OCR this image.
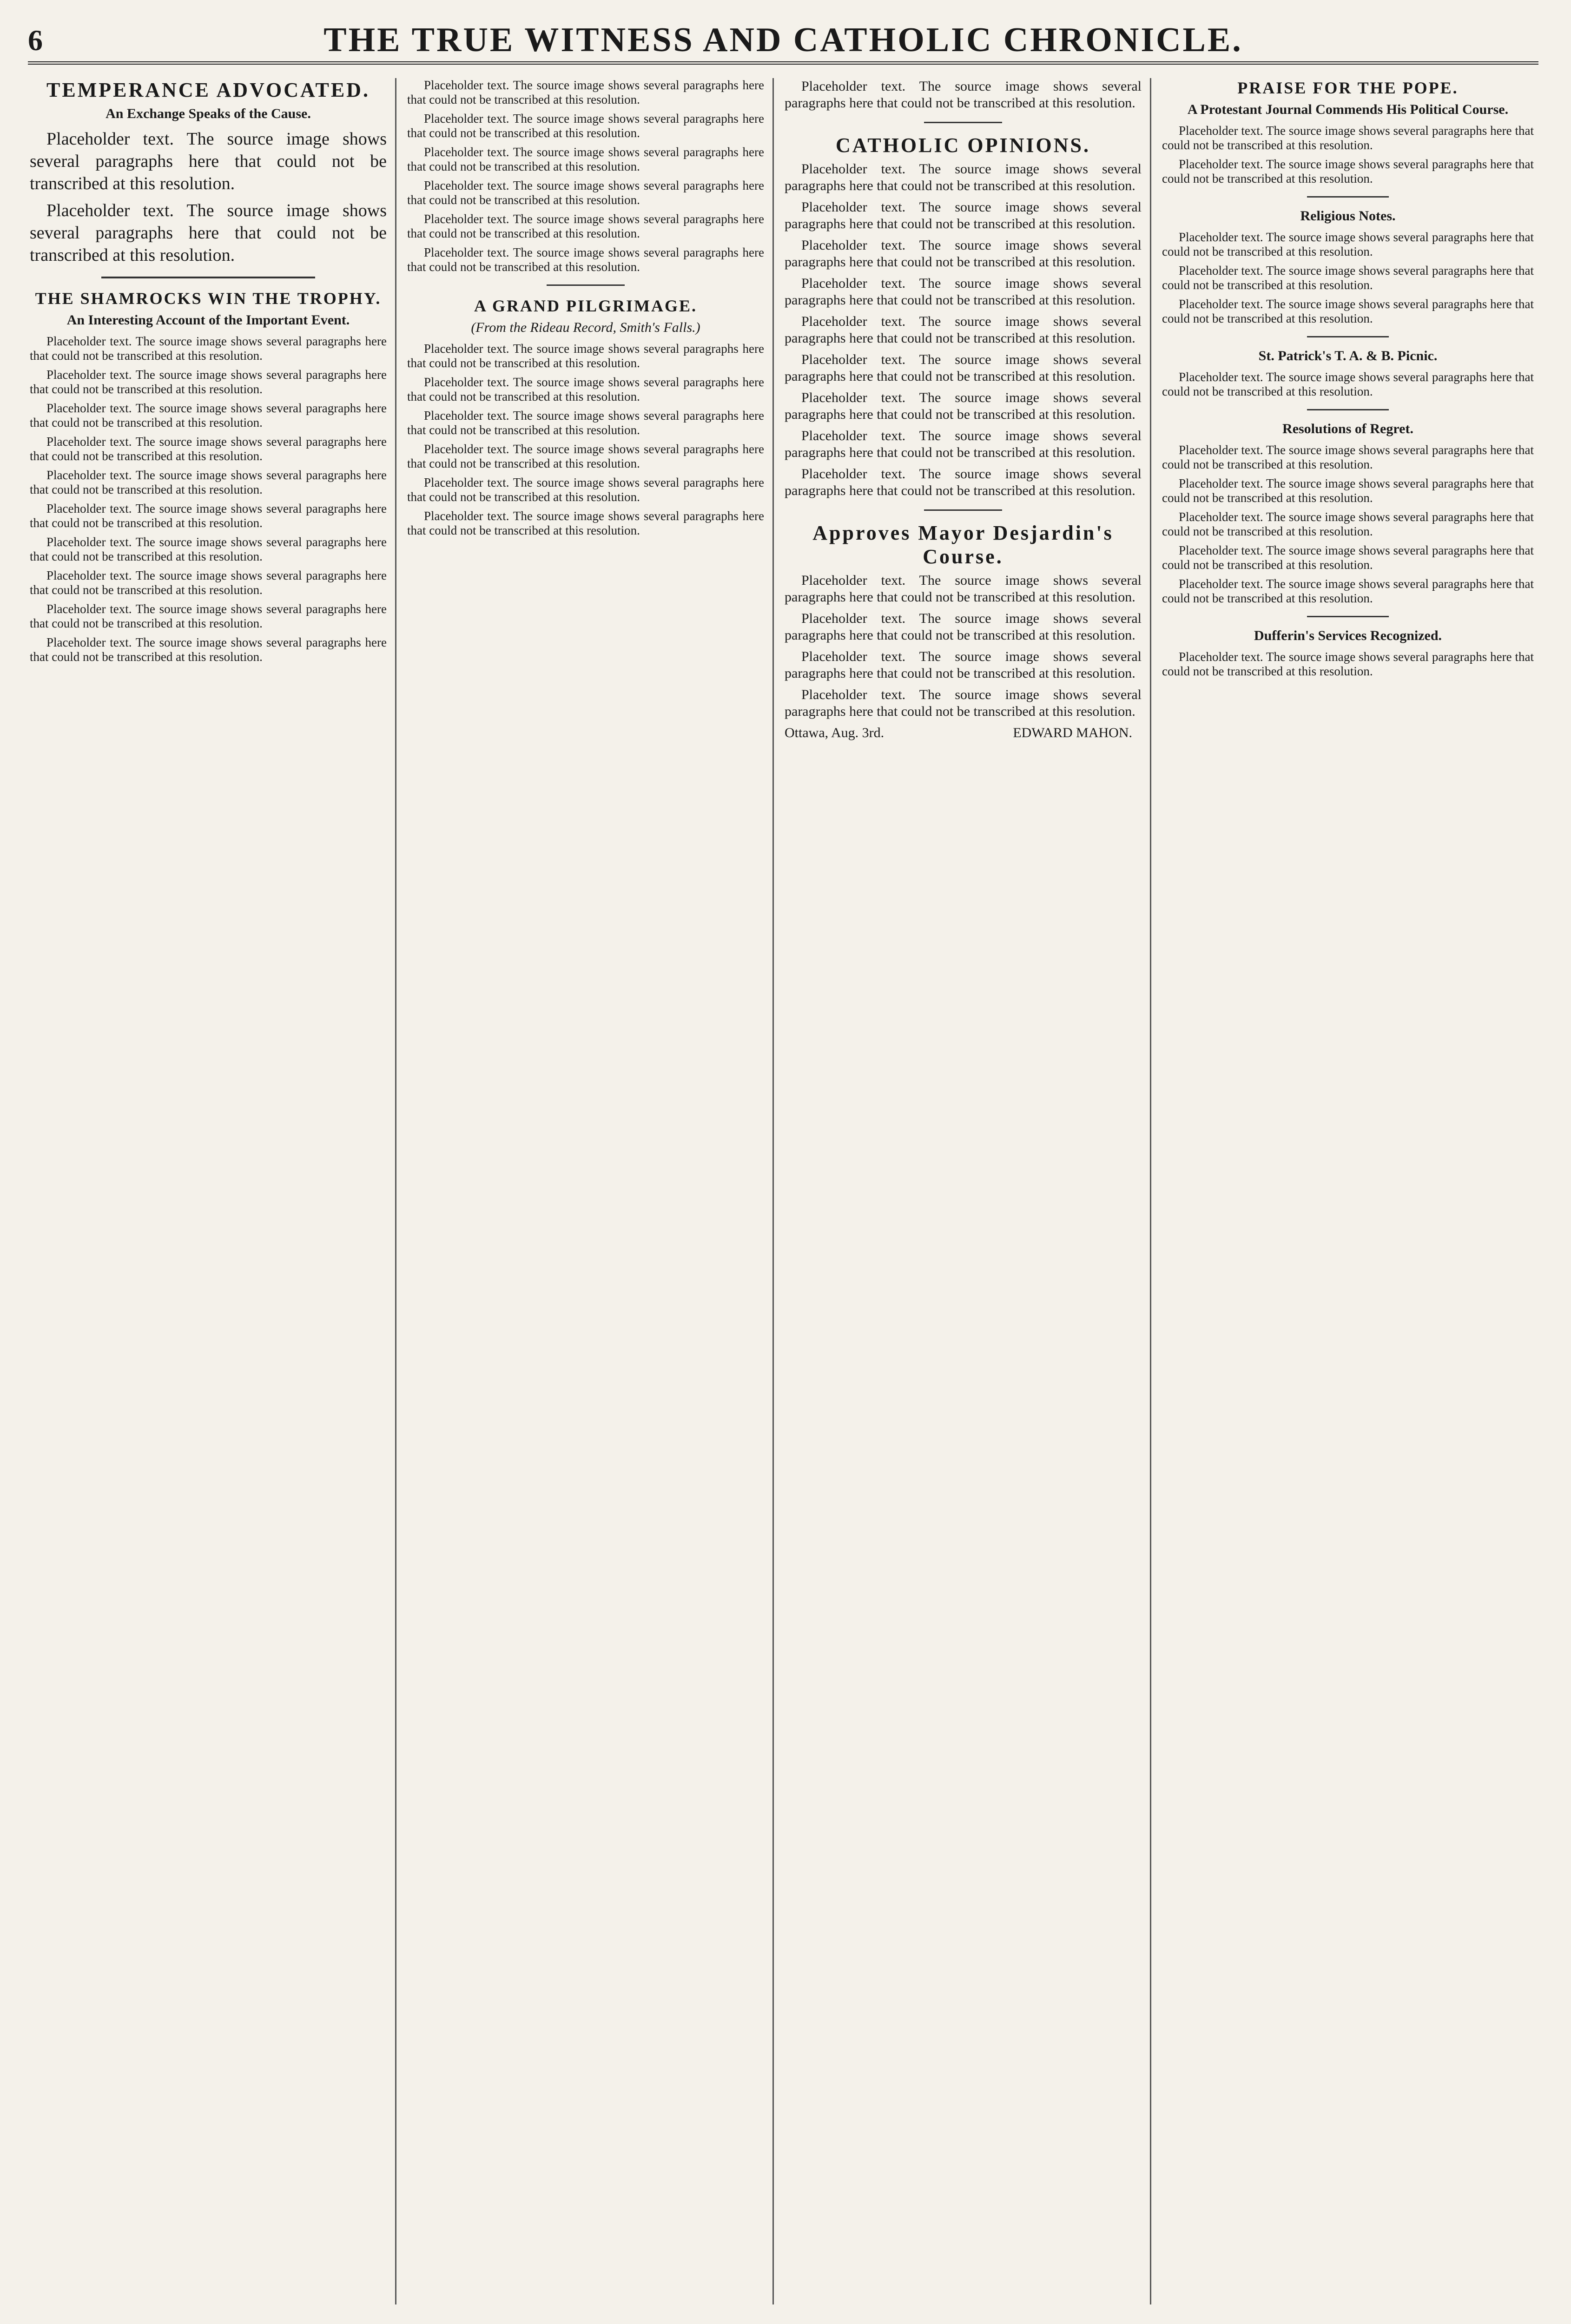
6	THE TRUE WITNESS AND CATHOLIC CHRONICLE.
TEMPERANCE ADVOCATED.
An Exchange Speaks of the Cause.

Placeholder text. The source image shows several paragraphs here that could not be transcribed at this resolution.

Placeholder text. The source image shows several paragraphs here that could not be transcribed at this resolution.

THE SHAMROCKS WIN THE TROPHY.
An Interesting Account of the Important Event.

Placeholder text. The source image shows several paragraphs here that could not be transcribed at this resolution.

Placeholder text. The source image shows several paragraphs here that could not be transcribed at this resolution.

Placeholder text. The source image shows several paragraphs here that could not be transcribed at this resolution.

Placeholder text. The source image shows several paragraphs here that could not be transcribed at this resolution.

Placeholder text. The source image shows several paragraphs here that could not be transcribed at this resolution.

Placeholder text. The source image shows several paragraphs here that could not be transcribed at this resolution.

Placeholder text. The source image shows several paragraphs here that could not be transcribed at this resolution.

Placeholder text. The source image shows several paragraphs here that could not be transcribed at this resolution.

Placeholder text. The source image shows several paragraphs here that could not be transcribed at this resolution.

Placeholder text. The source image shows several paragraphs here that could not be transcribed at this resolution.

Placeholder text. The source image shows several paragraphs here that could not be transcribed at this resolution.

Placeholder text. The source image shows several paragraphs here that could not be transcribed at this resolution.

Placeholder text. The source image shows several paragraphs here that could not be transcribed at this resolution.

Placeholder text. The source image shows several paragraphs here that could not be transcribed at this resolution.

Placeholder text. The source image shows several paragraphs here that could not be transcribed at this resolution.

Placeholder text. The source image shows several paragraphs here that could not be transcribed at this resolution.

A GRAND PILGRIMAGE.
(From the Rideau Record, Smith's Falls.)

Placeholder text. The source image shows several paragraphs here that could not be transcribed at this resolution.

Placeholder text. The source image shows several paragraphs here that could not be transcribed at this resolution.

Placeholder text. The source image shows several paragraphs here that could not be transcribed at this resolution.

Placeholder text. The source image shows several paragraphs here that could not be transcribed at this resolution.

Placeholder text. The source image shows several paragraphs here that could not be transcribed at this resolution.

Placeholder text. The source image shows several paragraphs here that could not be transcribed at this resolution.

Placeholder text. The source image shows several paragraphs here that could not be transcribed at this resolution.

CATHOLIC OPINIONS.

Placeholder text. The source image shows several paragraphs here that could not be transcribed at this resolution.

Placeholder text. The source image shows several paragraphs here that could not be transcribed at this resolution.

Placeholder text. The source image shows several paragraphs here that could not be transcribed at this resolution.

Placeholder text. The source image shows several paragraphs here that could not be transcribed at this resolution.

Placeholder text. The source image shows several paragraphs here that could not be transcribed at this resolution.

Placeholder text. The source image shows several paragraphs here that could not be transcribed at this resolution.

Placeholder text. The source image shows several paragraphs here that could not be transcribed at this resolution.

Placeholder text. The source image shows several paragraphs here that could not be transcribed at this resolution.

Placeholder text. The source image shows several paragraphs here that could not be transcribed at this resolution.

Approves Mayor Desjardin's Course.

Placeholder text. The source image shows several paragraphs here that could not be transcribed at this resolution.

Placeholder text. The source image shows several paragraphs here that could not be transcribed at this resolution.

Placeholder text. The source image shows several paragraphs here that could not be transcribed at this resolution.

Placeholder text. The source image shows several paragraphs here that could not be transcribed at this resolution.

Ottawa, Aug. 3rd.	EDWARD MAHON.

PRAISE FOR THE POPE.
A Protestant Journal Commends His Political Course.

Placeholder text. The source image shows several paragraphs here that could not be transcribed at this resolution.

Placeholder text. The source image shows several paragraphs here that could not be transcribed at this resolution.

Religious Notes.

Placeholder text. The source image shows several paragraphs here that could not be transcribed at this resolution.

Placeholder text. The source image shows several paragraphs here that could not be transcribed at this resolution.

Placeholder text. The source image shows several paragraphs here that could not be transcribed at this resolution.

St. Patrick's T. A. & B. Picnic.

Placeholder text. The source image shows several paragraphs here that could not be transcribed at this resolution.

Resolutions of Regret.

Placeholder text. The source image shows several paragraphs here that could not be transcribed at this resolution.

Placeholder text. The source image shows several paragraphs here that could not be transcribed at this resolution.

Placeholder text. The source image shows several paragraphs here that could not be transcribed at this resolution.

Placeholder text. The source image shows several paragraphs here that could not be transcribed at this resolution.

Placeholder text. The source image shows several paragraphs here that could not be transcribed at this resolution.

Dufferin's Services Recognized.

Placeholder text. The source image shows several paragraphs here that could not be transcribed at this resolution.
